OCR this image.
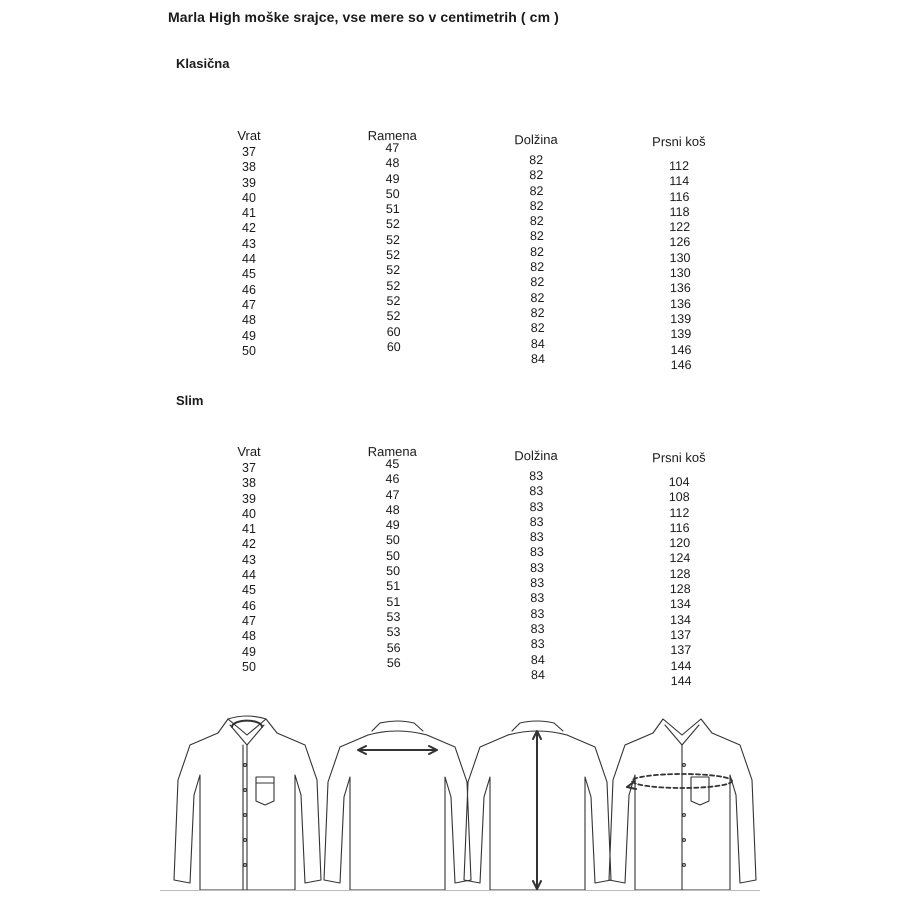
Marla High moške srajce, vse mere so v centimetrih ( cm )
Klasična
Vrat
37
38
39
40
41
42
43
44
45
46
47
48
49
50
Ramena
47
48
49
50
51
52
52
52
52
52
52
52
60
60
Dolžina
82
82
82
82
82
82
82
82
82
82
82
82
84
84
Prsni koš
112
114
116
118
122
126
130
130
136
136
139
139
146
146
Slim
Vrat
37
38
39
40
41
42
43
44
45
46
47
48
49
50
Ramena
45
46
47
48
49
50
50
50
51
51
53
53
56
56
Dolžina
83
83
83
83
83
83
83
83
83
83
83
83
84
84
Prsni koš
104
108
112
116
120
124
128
128
134
134
137
137
144
144
